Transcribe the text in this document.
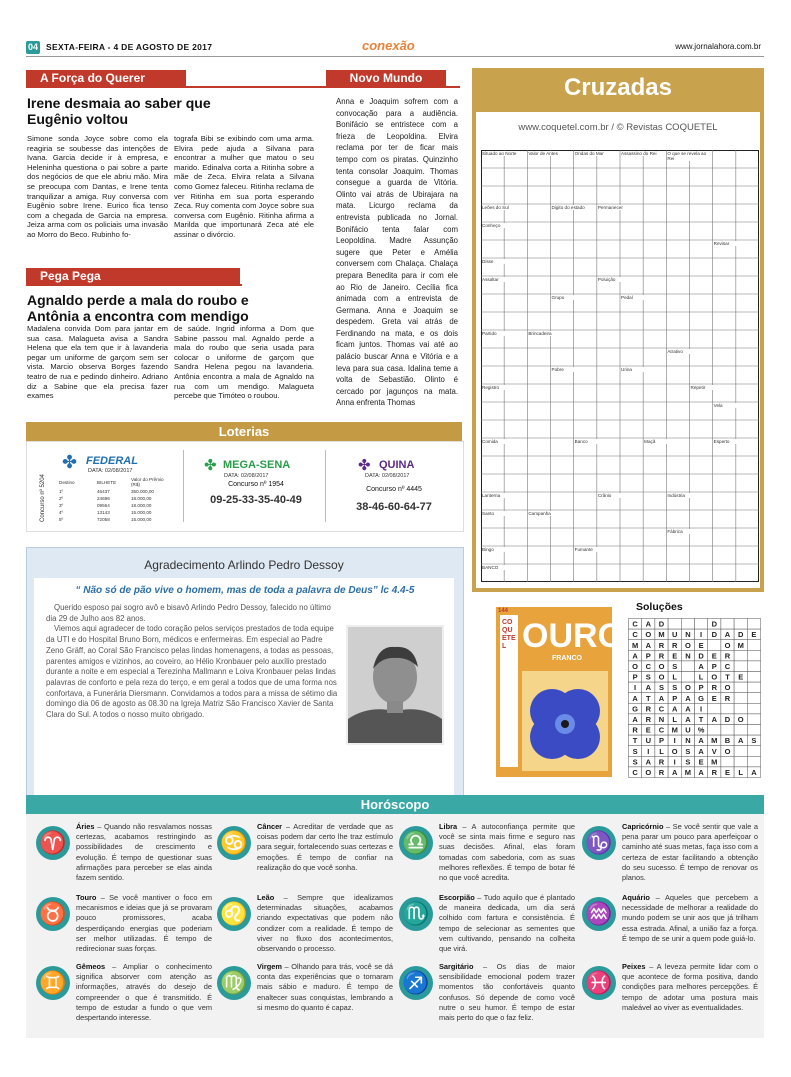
04 SEXTA-FEIRA - 4 DE AGOSTO DE 2017	conexão	www.jornalahora.com.br
A Força do Querer
Irene desmaia ao saber que Eugênio voltou
Simone sonda Joyce sobre como ela reagiria se soubesse das intenções de Ivana. Garcia decide ir à empresa, e Heleninha questiona o pai sobre a parte dos negócios de que ele abriu mão. Mira se preocupa com Dantas, e Irene tenta tranquilizar a amiga. Ruy conversa com Eugênio sobre Irene. Eurico fica tenso com a chegada de Garcia na empresa. Jeiza arma com os policiais uma invasão ao Morro do Beco. Rubinho fo-
tografa Bibi se exibindo com uma arma. Elvira pede ajuda a Silvana para encontrar a mulher que matou o seu marido. Edinalva corta a Ritinha sobre a mãe de Zeca. Elvira relata a Silvana como Gomez faleceu. Ritinha reclama de ver Ritinha em sua porta esperando Zeca. Ruy comenta com Joyce sobre sua conversa com Eugênio. Ritinha afirma a Marilda que importunará Zeca até ele assinar o divórcio.
Pega Pega
Agnaldo perde a mala do roubo e Antônia a encontra com mendigo
Madalena convida Dom para jantar em sua casa. Malagueta avisa a Sandra Helena que ela tem que ir à lavanderia pegar um uniforme de garçom sem ser vista. Marcio observa Borges fazendo teatro de rua e pedindo dinheiro. Adriano diz a Sabine que ela precisa fazer exames
de saúde. Ingrid informa a Dom que Sabine passou mal. Agnaldo perde a mala do roubo que seria usada para colocar o uniforme de garçom que Sandra Helena pegou na lavanderia. Antônia encontra a mala de Agnaldo na rua com um mendigo. Malagueta percebe que Timóteo o roubou.
Novo Mundo
Anna e Joaquim sofrem com a convocação para a audiência. Bonifácio se entristece com a frieza de Leopoldina. Elvira reclama por ter de ficar mais tempo com os piratas. Quinzinho tenta consolar Joaquim. Thomas consegue a guarda de Vitória. Olinto vai atrás de Ubirajara na mata. Licurgo reclama da entrevista publicada no Jornal. Bonifácio tenta falar com Leopoldina. Madre Assunção sugere que Peter e Amélia conversem com Chalaça. Chalaça prepara Benedita para ir com ele ao Rio de Janeiro. Cecília fica animada com a entrevista de Germana. Anna e Joaquim se despedem. Greta vai atrás de Ferdinando na mata, e os dois ficam juntos. Thomas vai até ao palácio buscar Anna e Vitória e a leva para sua casa. Idalina teme a volta de Sebastião. Olinto é cercado por jagunços na mata. Anna enfrenta Thomas
Loterias
✤ FEDERAL
DATA: 02/08/2017
Concurso nº 5204	Destino	BILHETE	Valor do Prêmio (R$)
1º	46437	350.000,00
2º	24696	18.000,00
3º	09564	18.000,00
4º	13143	15.000,00
5º	72058	15.000,00
✤ MEGA-SENA
DATA: 02/08/2017
Concurso nº 1954
09-25-33-35-40-49
✤ QUINA
DATA: 02/08/2017
Concurso nº 4445
38-46-60-64-77
Agradecimento Arlindo Pedro Dessoy
“ Não só de pão vive o homem, mas de toda a palavra de Deus” lc 4.4-5

Querido esposo pai sogro avô e bisavô Arlindo Pedro Dessoy, falecido no último dia 29 de Julho aos 82 anos.

Viemos aqui agradecer de todo coração pelos serviços prestados de toda equipe da UTI e do Hospital Bruno Born, médicos e enfermeiras. Em especial ao Padre Zeno Gräff, ao Coral São Francisco pelas lindas homenagens, a todas as pessoas, parentes amigos e vizinhos, ao coveiro, ao Hélio Kronbauer pelo auxílio prestado durante a noite e em especial a Terezinha Mallmann e Loiva Kronbauer pelas lindas palavras de conforto e pela reza do terço, e em geral a todos que de uma forma nos confortava, a Funerária Diersmann. Convidamos a todos para a missa de sétimo dia domingo dia 06 de agosto as 08.30 na Igreja Matriz São Francisco Xavier de Santa Clara do Sul. A todos o nosso muito obrigado.

Cruzadas
www.coquetel.com.br / © Revistas COQUETEL
Situado ao Norte	Valor de Antes	Ondas do Mar	Assassino do Rei	O que se revela ao Rei
Leões do Sul	Digito do estado	Permanecer
Conheço
Disse
Revisar
Assaltar	Poluição
Grupo
Partido	Brincadeira
Registro
Pobre	Urina
Repetir
Comida	Banco	Maçã	Esperto
Lanterna	Crânio	Indústria
Santo	Campanha
Fábrica
Bingo	Fumante
Vela
Pedal
Atrativo
BANCO
Soluções
COQUETEL OURO
FRANCO
144
C A D	D
C O M U N I D A D E
M A R R O E	O M
A P R E N D E R
O C O S	A P C
P S O L	L O T E
I A S S O P R O
A T A P A G E R
G R C A A I
A R N L A T A D O
R E C M U %
T U P I N A M B A S
S I L O S A V O
S A R I S E M
C O R A M A R E L A
Horóscopo
♈
Áries – Quando não resvalamos nossas certezas, acabamos restringindo as possibilidades de crescimento e evolução. É tempo de questionar suas afirmações para perceber se elas ainda fazem sentido.
♉
Touro – Se você mantiver o foco em mecanismos e ideias que já se provaram pouco promissores, acaba desperdiçando energias que poderiam ser melhor utilizadas. É tempo de redirecionar suas forças.
♊
Gêmeos – Ampliar o conhecimento significa absorver com atenção as informações, através do desejo de compreender o que é transmitido. É tempo de estudar a fundo o que vem despertando interesse.
♋
Câncer – Acreditar de verdade que as coisas podem dar certo lhe traz estímulo para seguir, fortalecendo suas certezas e emoções. É tempo de confiar na realização do que você sonha.
♌
Leão – Sempre que idealizamos determinadas situações, acabamos criando expectativas que podem não condizer com a realidade. É tempo de viver no fluxo dos acontecimentos, observando o processo.
♍
Virgem – Olhando para trás, você se dá conta das experiências que o tornaram mais sábio e maduro. É tempo de enaltecer suas conquistas, lembrando a si mesmo do quanto é capaz.
♎
Libra – A autoconfiança permite que você se sinta mais firme e seguro nas suas decisões. Afinal, elas foram tomadas com sabedoria, com as suas melhores reflexões. É tempo de botar fé no que você acredita.
♏
Escorpião – Tudo aquilo que é plantado de maneira dedicada, um dia será colhido com fartura e consistência. É tempo de selecionar as sementes que vem cultivando, pensando na colheita que virá.
♐
Sargitário – Os dias de maior sensibilidade emocional podem trazer momentos tão confortáveis quanto confusos. Só depende de como você nutre o seu humor. É tempo de estar mais perto do que o faz feliz.
♑
Capricórnio – Se você sentir que vale a pena parar um pouco para aperfeiçoar o caminho até suas metas, faça isso com a certeza de estar facilitando a obtenção do seu sucesso. É tempo de renovar os planos.
♒
Aquário – Aqueles que percebem a necessidade de melhorar a realidade do mundo podem se unir aos que já trilham essa estrada. Afinal, a união faz a força. É tempo de se unir a quem pode guiá-lo.
♓
Peixes – A leveza permite lidar com o que acontece de forma positiva, dando condições para melhores percepções. É tempo de adotar uma postura mais maleável ao viver as eventualidades.
